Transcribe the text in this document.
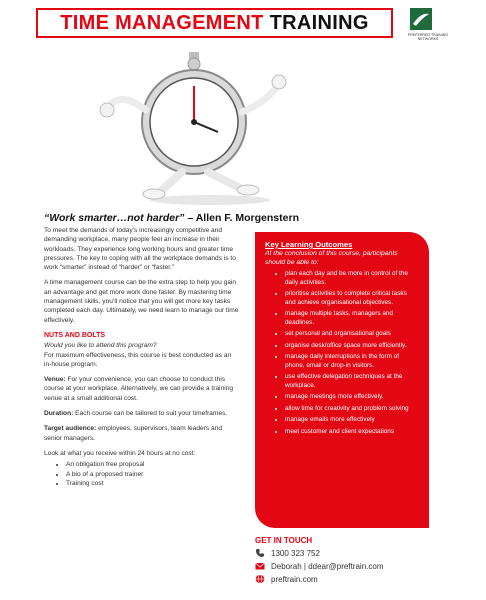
TIME MANAGEMENT TRAINING
PREFERRED TRAINING NETWORKS
“Work smarter…not harder” – Allen F. Morgenstern

To meet the demands of today’s increasingly competitive and demanding workplace, many people feel an increase in their workloads. They experience long working hours and greater time pressures. The key to coping with all the workplace demands is to work “smarter” instead of “harder” or “faster.”

A time management course can be the extra step to help you gain an advantage and get more work done faster. By mastering time management skills, you’ll notice that you will get more key tasks completed each day. Ultimately, we need learn to manage our time effectively.

NUTS AND BOLTS
Would you like to attend this program?

For maximum effectiveness, this course is best conducted as an in-house program.

Venue: For your convenience, you can choose to conduct this course at your workplace. Alternatively, we can provide a training venue at a small additional cost.

Duration: Each course can be tailored to suit your timeframes.

Target audience: employees, supervisors, team leaders and senior managers.

Look at what you receive within 24 hours at no cost:
• An obligation free proposal
• A bio of a proposed trainer
• Training cost
Key Learning Outcomes
At the conclusion of this course, participants should be able to:
• plan each day and be more in control of the daily activities.
• prioritise activities to complete critical tasks and achieve organisational objectives.
• manage multiple tasks, managers and deadlines.
• set personal and organisational goals
• organise desk/office space more efficiently.
• manage daily interruptions in the form of phone, email or drop-in visitors.
• use effective delegation techniques at the workplace.
• manage meetings more effectively.
• allow time for creativity and problem solving
• manage emails more effectively
• meet customer and client expectations
GET IN TOUCH
1300 323 752
Deborah | ddear@preftrain.com
preftrain.com
